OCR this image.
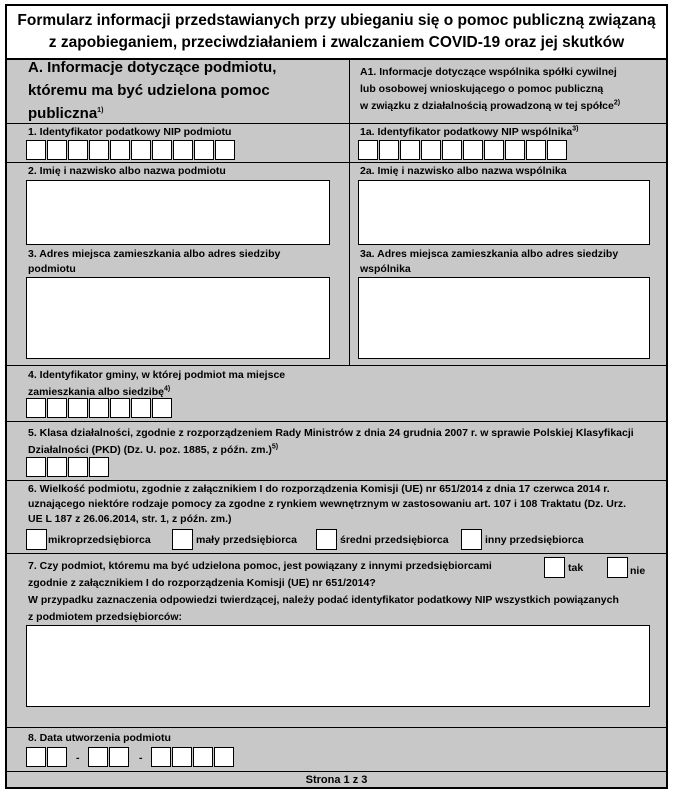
Formularz informacji przedstawianych przy ubieganiu się o pomoc publiczną związaną
z zapobieganiem, przeciwdziałaniem i zwalczaniem COVID-19 oraz jej skutków
A. Informacje dotyczące podmiotu,
któremu ma być udzielona pomoc
publiczna$^{1)}$
A1. Informacje dotyczące wspólnika spółki cywilnej
lub osobowej wnioskującego o pomoc publiczną
w związku z działalnością prowadzoną w tej spółce$^{2)}$
1. Identyfikator podatkowy NIP podmiotu	1a. Identyfikator podatkowy NIP wspólnika$^{3)}$
2. Imię i nazwisko albo nazwa podmiotu	2a. Imię i nazwisko albo nazwa wspólnika
3. Adres miejsca zamieszkania albo adres siedziby
podmiotu
3a. Adres miejsca zamieszkania albo adres siedziby
wspólnika
4. Identyfikator gminy, w której podmiot ma miejsce
zamieszkania albo siedzibę$^{4)}$
5. Klasa działalności, zgodnie z rozporządzeniem Rady Ministrów z dnia 24 grudnia 2007 r. w sprawie Polskiej Klasyfikacji
Działalności (PKD) (Dz. U. poz. 1885, z późn. zm.)$^{5)}$
6. Wielkość podmiotu, zgodnie z załącznikiem I do rozporządzenia Komisji (UE) nr 651/2014 z dnia 17 czerwca 2014 r.
uznającego niektóre rodzaje pomocy za zgodne z rynkiem wewnętrznym w zastosowaniu art. 107 i 108 Traktatu (Dz. Urz.
UE L 187 z 26.06.2014, str. 1, z późn. zm.)
mikroprzedsiębiorca	mały przedsiębiorca	średni przedsiębiorca	inny przedsiębiorca
7. Czy podmiot, któremu ma być udzielona pomoc, jest powiązany z innymi przedsiębiorcami
zgodnie z załącznikiem I do rozporządzenia Komisji (UE) nr 651/2014?
W przypadku zaznaczenia odpowiedzi twierdzącej, należy podać identyfikator podatkowy NIP wszystkich powiązanych
z podmiotem przedsiębiorców:
tak	nie
8. Data utworzenia podmiotu
-	-
Strona 1 z 3
